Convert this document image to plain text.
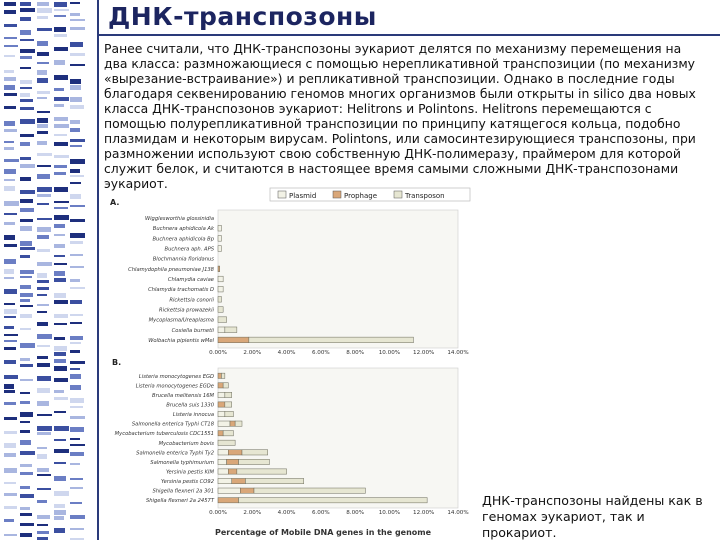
ДНК-транспозоны
Ранее считали, что ДНК-транспозоны эукариот делятся по механизму перемещения на два класса: размножающиеся с помощью нерепликативной транспозиции (по механизму «вырезание-встраивание») и репликативной транспозиции. Однако в последние годы благодаря секвенированию геномов многих организмов были открыты in silico два новых класса ДНК-транспозонов эукариот: Helitrons и Polintons. Helitrons перемещаются с помощью полурепликативной транспозиции по принципу катящегося кольца, подобно плазмидам и некоторым вирусам. Polintons, или самосинтезирующиеся транспозоны, при размножении используют свою собственную ДНК-полимеразу, праймером для которой служит белок, и считаются в настоящее время самыми сложными ДНК-транспозонами эукариот.
Plasmid	Prophage	Transposon
A.
Wigglesworthia glossinidia
Buchnera aphidicola Ak
Buchnera aphidicola Bp
Buchnera aph. APS
Blochmannia floridanus
Chlamydophila pneumoniae J138
Chlamydia caviae
Chlamydia trachomatis D
Rickettsia conorii
Rickettsia prowazekii
Mycoplasma/Ureaplasma
Coxiella burnetii
Wolbachia pipientis wMel
0.00%	2.00%	4.00%	6.00%	8.00%	10.00% 12.00% 14.00%
B.
Listeria monocytogenes EGD
Listeria monocytogenes EGDe
Brucella melitensis 16M
Brucella suis 1330
Listeria innocua
Salmonella enterica Typhi CT18
Mycobacterium tuberculosis CDC1551
Mycobacterium bovis
Salmonella enterica Typhi Ty2
Salmonella typhimurium
Yersinia pestis KIM
Yersinia pestis CO92
Shigella flexneri 2a 301
Shigella flexneri 2a 2457T
0.00%	2.00%	4.00%	6.00%	8.00%	10.00% 12.00% 14.00%
Percentage of Mobile DNA genes in the genome
ДНК-транспозоны найдены как в геномах эукариот, так и прокариот.
